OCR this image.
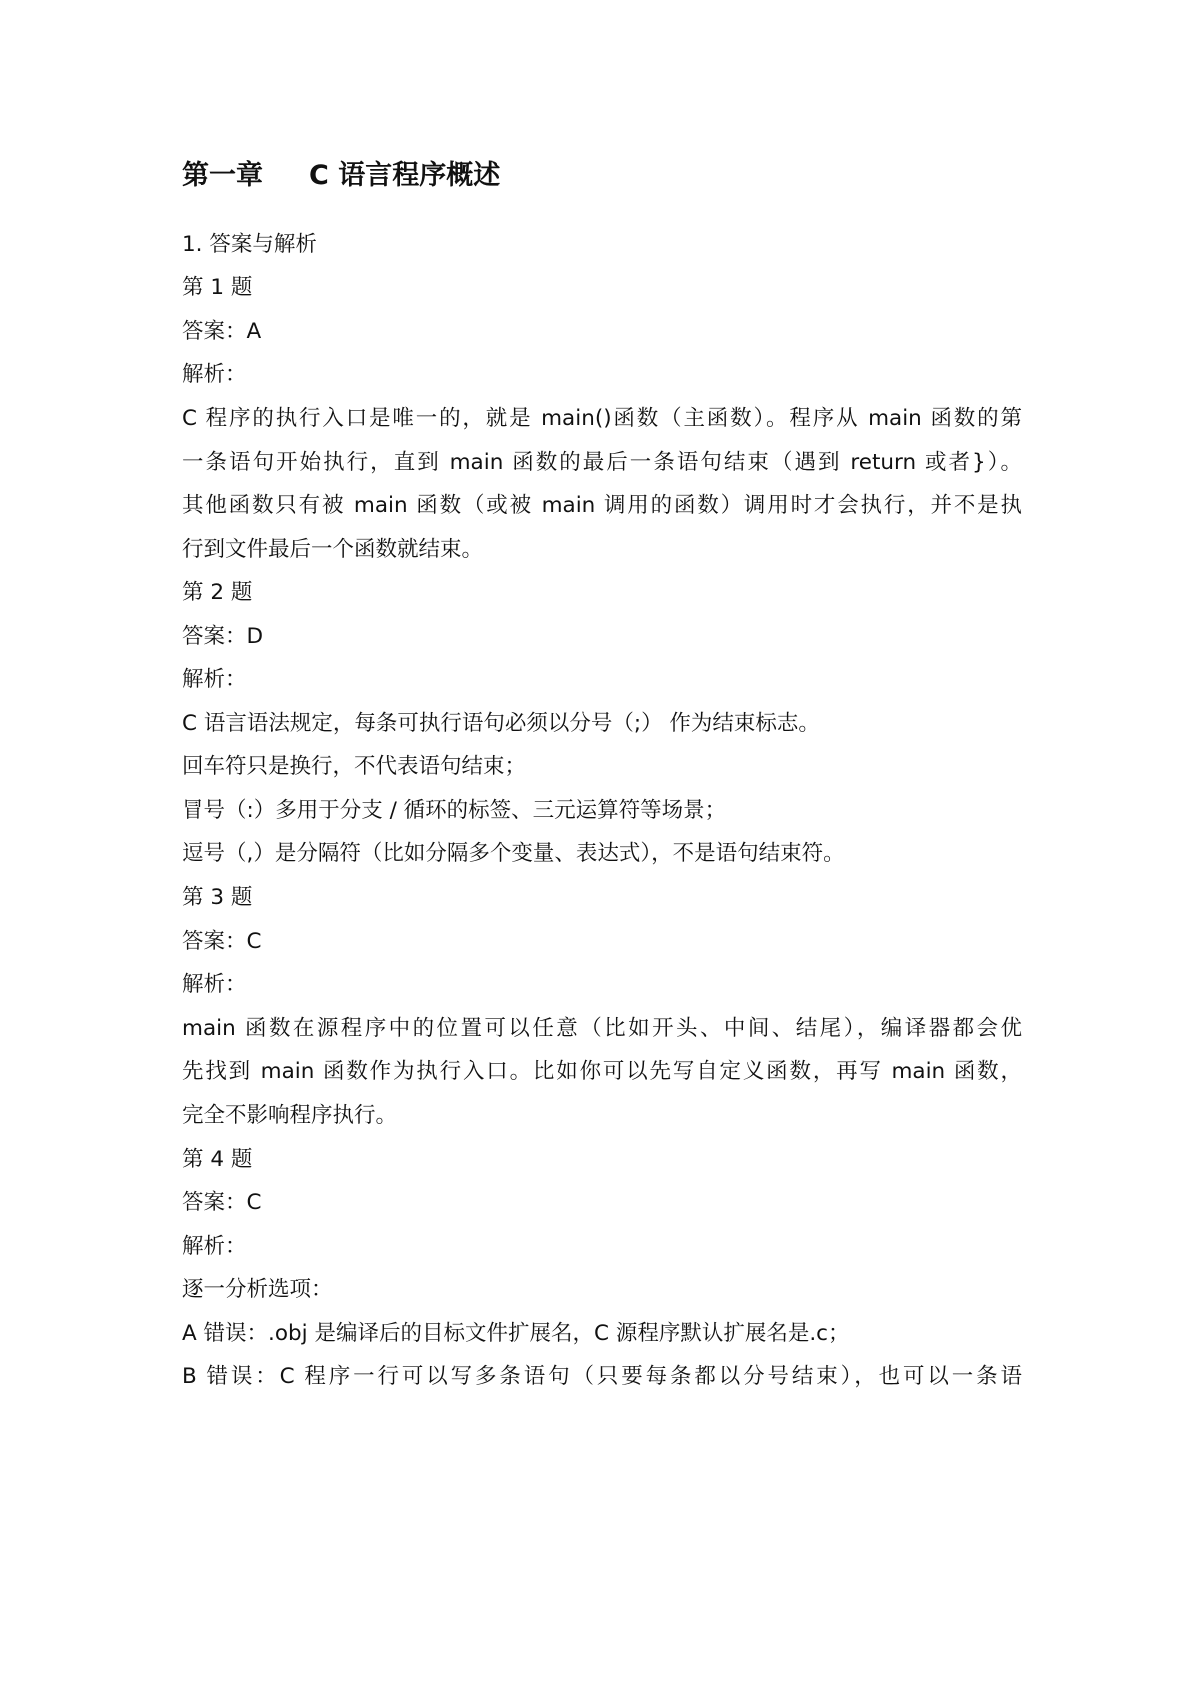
第一章 C 语言程序概述
1. 答案与解析
第 1 题
答案：A
解析：
C 程序的执行入口是唯一的，就是 main()函数（主函数）。程序从 main 函数的第
一条语句开始执行，直到 main 函数的最后一条语句结束（遇到 return 或者}）。
其他函数只有被 main 函数（或被 main 调用的函数）调用时才会执行，并不是执
行到文件最后一个函数就结束。
第 2 题
答案：D
解析：
C 语言语法规定，每条可执行语句必须以分号（;） 作为结束标志。
回车符只是换行，不代表语句结束；
冒号（:）多用于分支 / 循环的标签、三元运算符等场景；
逗号（,）是分隔符（比如分隔多个变量、表达式），不是语句结束符。
第 3 题
答案：C
解析：
main 函数在源程序中的位置可以任意（比如开头、中间、结尾），编译器都会优
先找到 main 函数作为执行入口。比如你可以先写自定义函数，再写 main 函数，
完全不影响程序执行。
第 4 题
答案：C
解析：
逐一分析选项：
A 错误：.obj 是编译后的目标文件扩展名，C 源程序默认扩展名是.c；
B 错误：C 程序一行可以写多条语句（只要每条都以分号结束），也可以一条语
